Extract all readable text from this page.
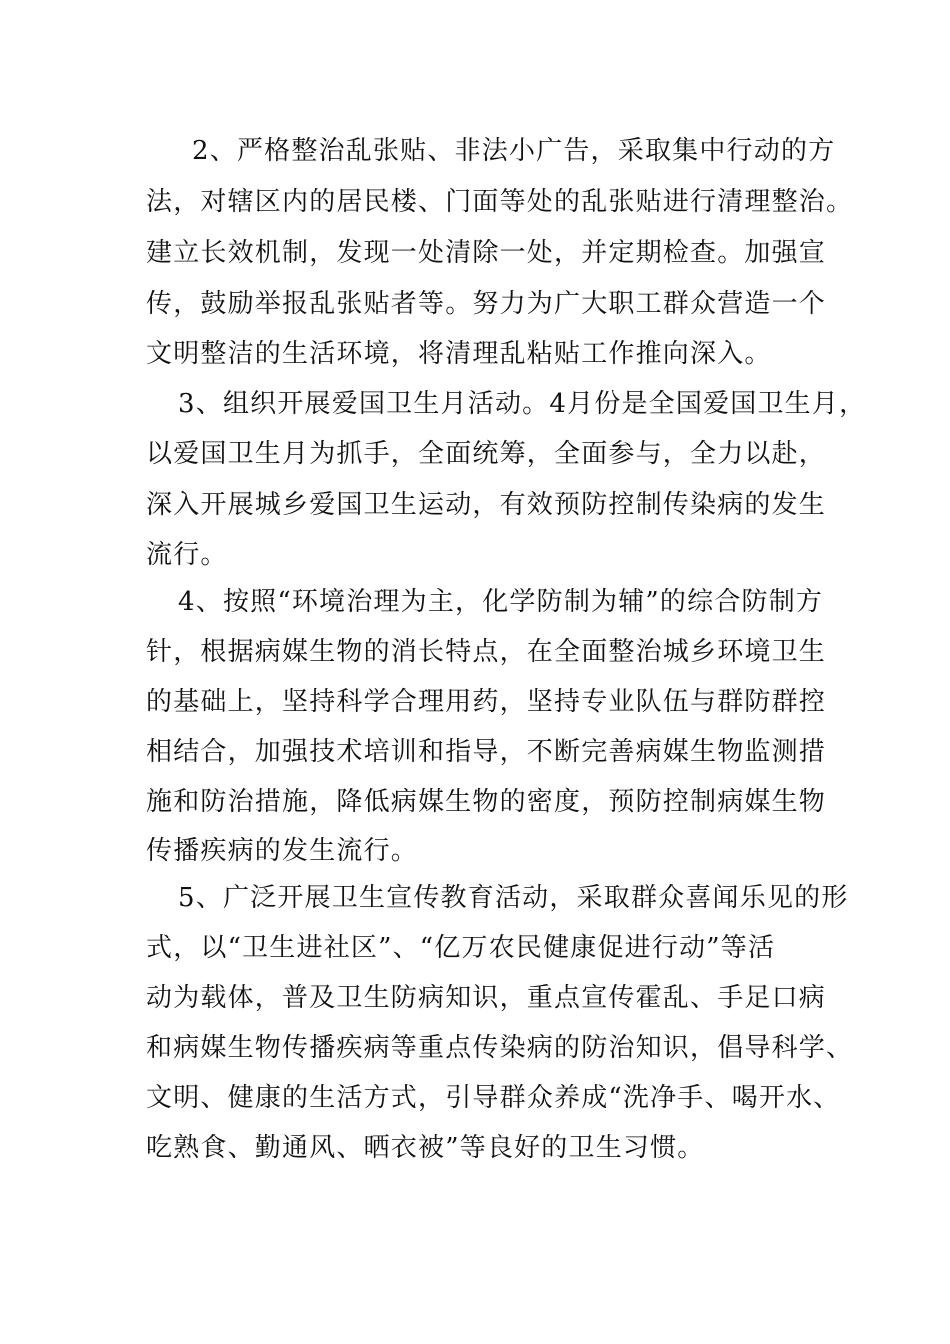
2、严格整治乱张贴、非法小广告，采取集中行动的方
法，对辖区内的居民楼、门面等处的乱张贴进行清理整治。
建立长效机制，发现一处清除一处，并定期检查。加强宣
传，鼓励举报乱张贴者等。努力为广大职工群众营造一个
文明整洁的生活环境，将清理乱粘贴工作推向深入。
3、组织开展爱国卫生月活动。4月份是全国爱国卫生月，
以爱国卫生月为抓手，全面统筹，全面参与，全力以赴，
深入开展城乡爱国卫生运动，有效预防控制传染病的发生
流行。
4、按照“环境治理为主，化学防制为辅”的综合防制方
针，根据病媒生物的消长特点，在全面整治城乡环境卫生
的基础上，坚持科学合理用药，坚持专业队伍与群防群控
相结合，加强技术培训和指导，不断完善病媒生物监测措
施和防治措施，降低病媒生物的密度，预防控制病媒生物
传播疾病的发生流行。
5、广泛开展卫生宣传教育活动，采取群众喜闻乐见的形
式，以“卫生进社区”、“亿万农民健康促进行动”等活
动为载体，普及卫生防病知识，重点宣传霍乱、手足口病
和病媒生物传播疾病等重点传染病的防治知识，倡导科学、
文明、健康的生活方式，引导群众养成“洗净手、喝开水、
吃熟食、勤通风、晒衣被”等良好的卫生习惯。
